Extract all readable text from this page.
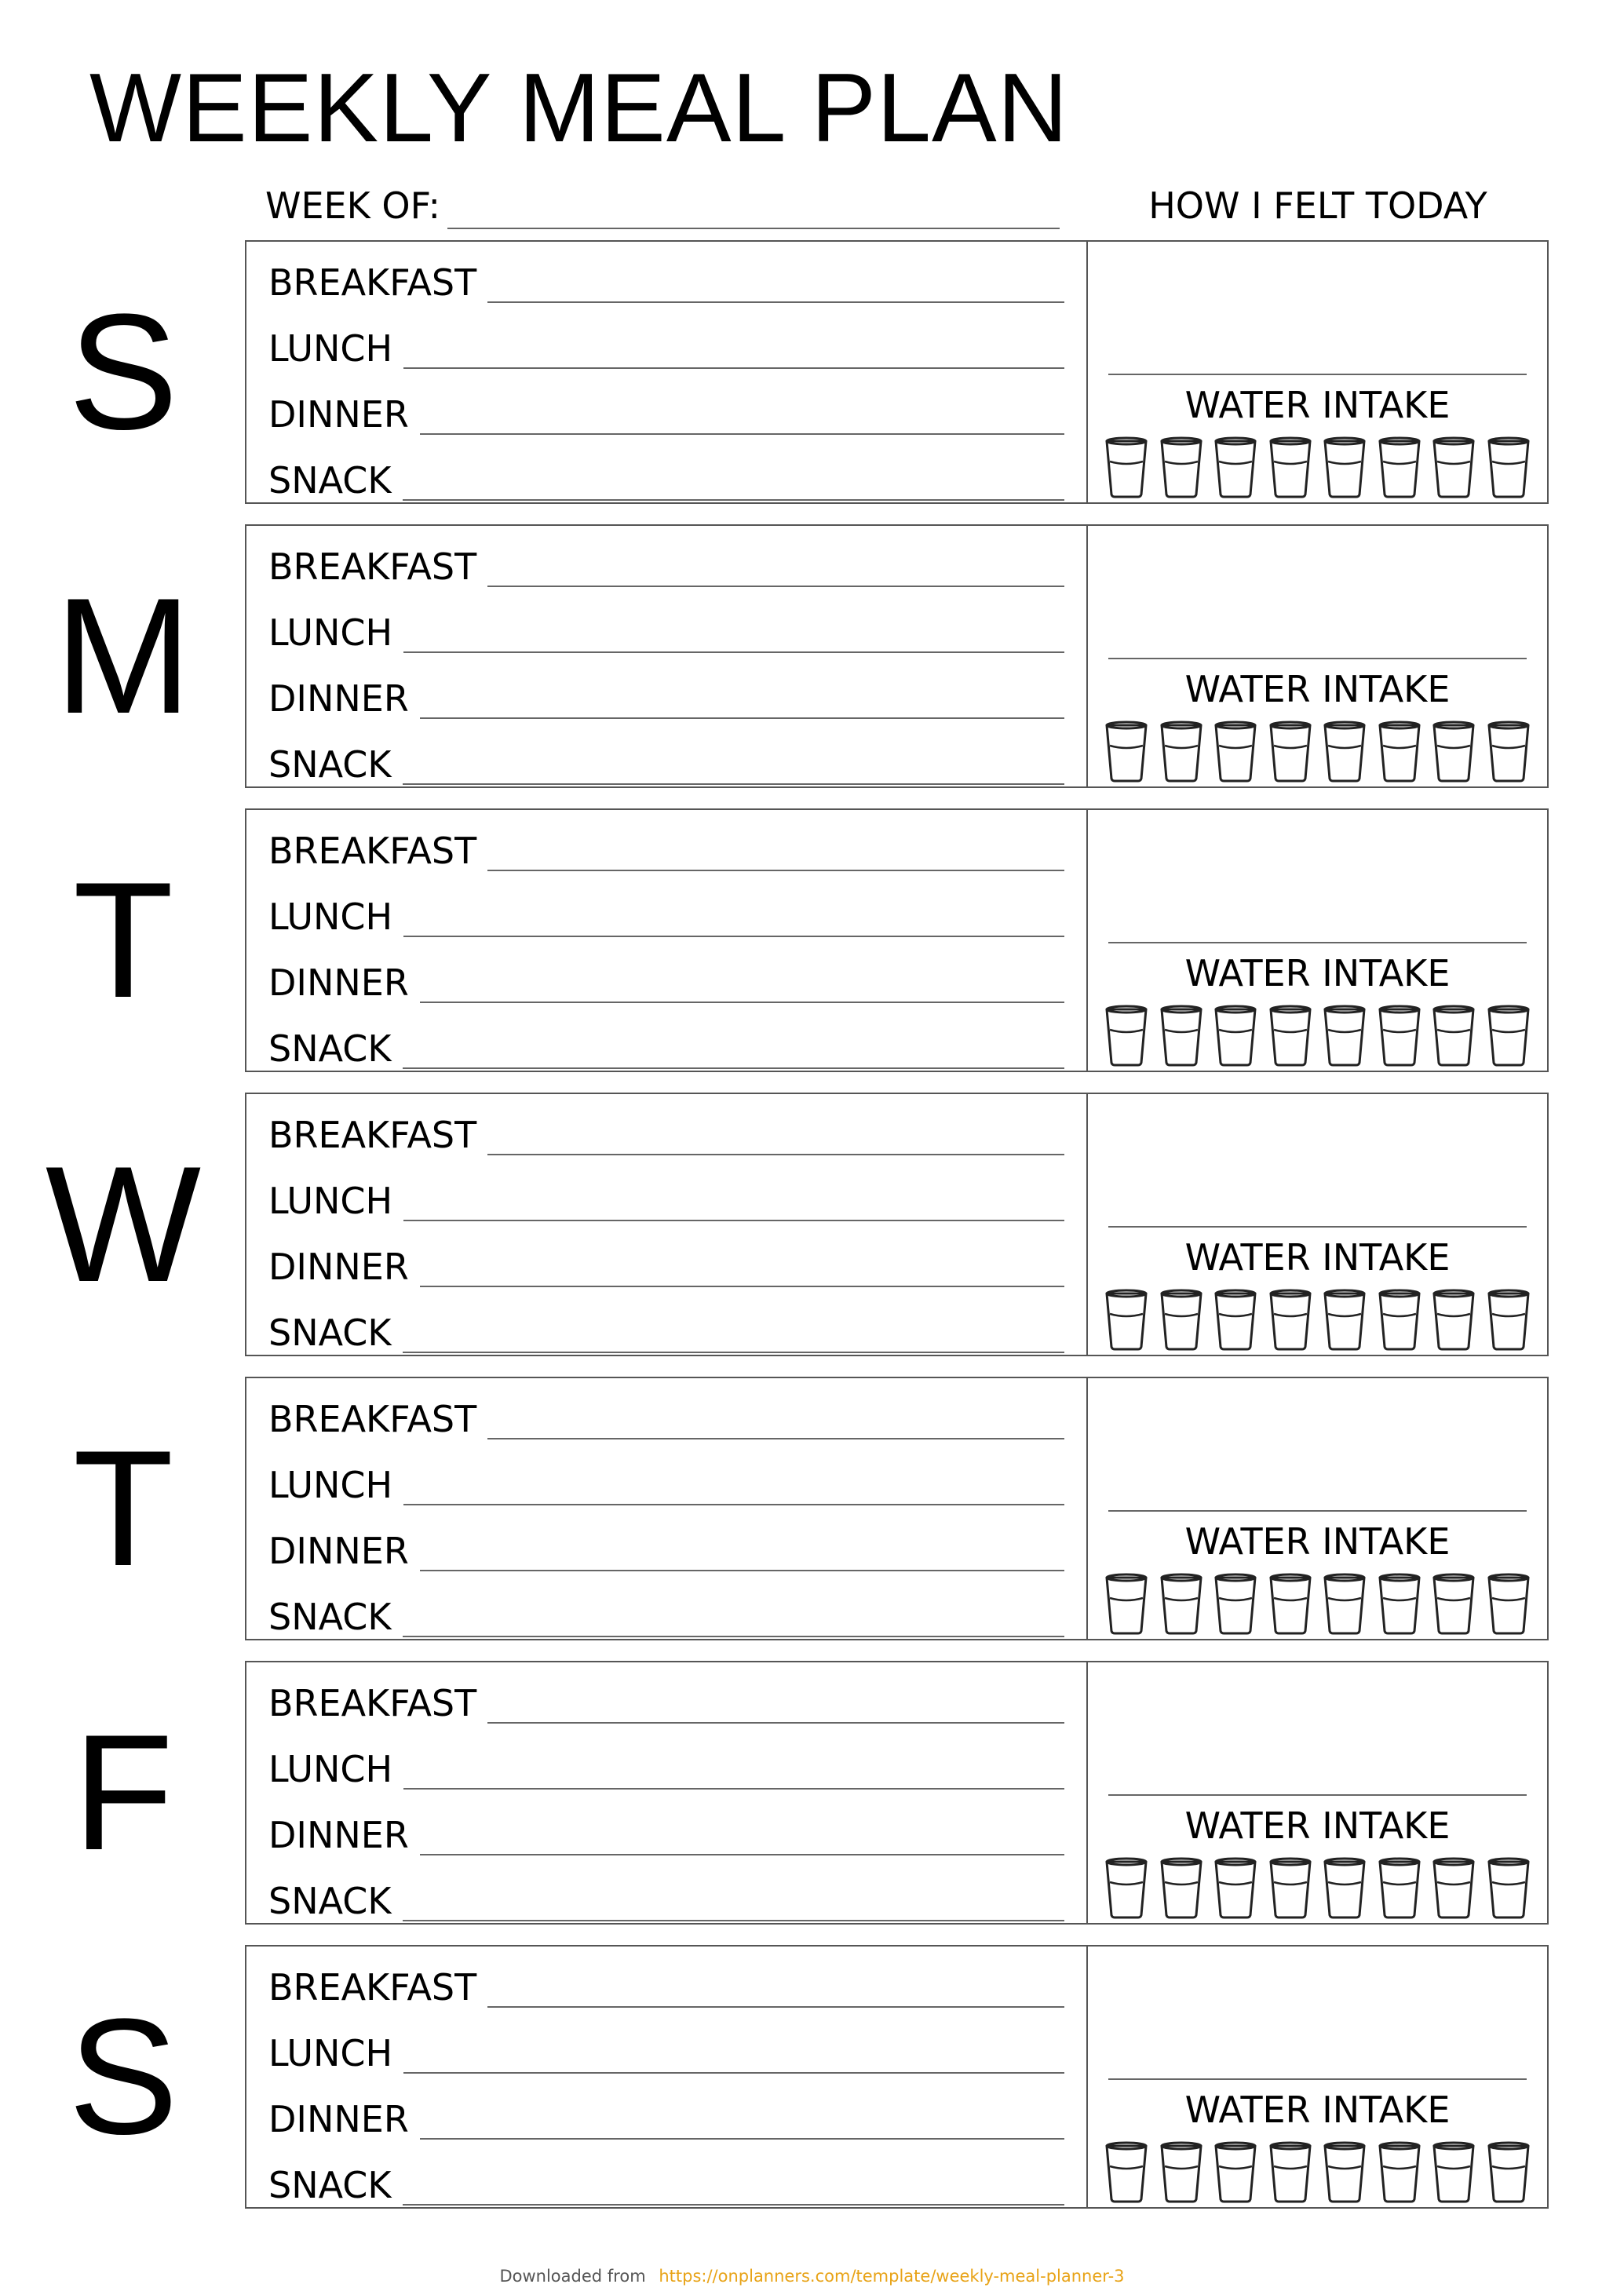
WEEKLY MEAL PLAN
WEEK OF:	HOW I FELT TODAY
S BREAKFAST
LUNCH
DINNER
SNACK
WATER INTAKE
M BREAKFAST
LUNCH
DINNER
SNACK
WATER INTAKE
T	BREAKFAST
LUNCH
DINNER
SNACK
WATER INTAKE
W BREAKFAST
LUNCH
DINNER
SNACK
WATER INTAKE
T	BREAKFAST
LUNCH
DINNER
SNACK
WATER INTAKE
F	BREAKFAST
LUNCH
DINNER
SNACK
WATER INTAKE
S BREAKFAST
LUNCH
DINNER
SNACK
WATER INTAKE
Downloaded from https://onplanners.com/template/weekly-meal-planner-3
